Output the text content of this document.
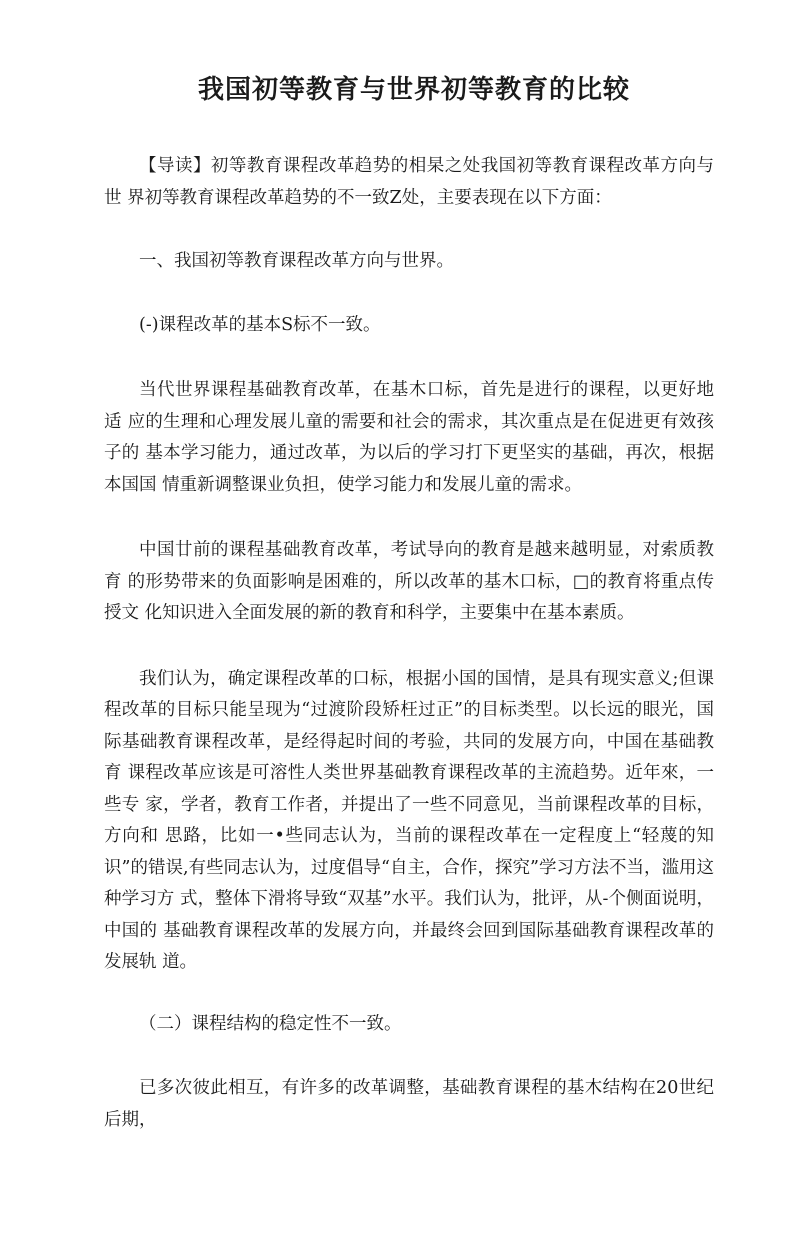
我国初等教育与世界初等教育的比较

【导读】初等教育课程改革趋势的相杲之处我国初等教育课程改革方向与世 界初等教育课程改革趋势的不一致Z处，主要表现在以下方面：

一、我国初等教育课程改革方向与世界。

(-)课程改革的基本S标不一致。

当代世界课程基础教育改革，在基木口标，首先是进行的课程，以更好地适 应的生理和心理发展儿童的需要和社会的需求，其次重点是在促进更有效孩子的 基本学习能力，通过改革，为以后的学习打下更坚实的基础，再次，根据本国国 情重新调整课业负担，使学习能力和发展儿童的需求。

中国廿前的课程基础教育改革，考试导向的教育是越来越明显，对索质教育 的形势带来的负面影响是困难的，所以改革的基木口标，□的教育将重点传授文 化知识进入全面发展的新的教育和科学，主要集中在基本素质。

我们认为，确定课程改革的口标，根据小国的国情，是具有现实意义;但课 程改革的目标只能呈现为“过渡阶段矫枉过正”的目标类型。以长远的眼光，国 际基础教育课程改革，是经得起时间的考验，共同的发展方向，中国在基础教育 课程改革应该是可溶性人类世界基础教育课程改革的主流趋势。近年來，一些专 家，学者，教育工作者，并提出了一些不同意见，当前课程改革的目标，方向和 思路，比如一•些同志认为，当前的课程改革在一定程度上“轻蔑的知识”的错误,有些同志认为，过度倡导“自主，合作，探究”学习方法不当，滥用这种学习方 式，整体下滑将导致“双基”水平。我们认为，批评，从-个侧面说明，中国的 基础教育课程改革的发展方向，并最终会回到国际基础教育课程改革的发展轨 道。

（二）课程结构的稳定性不一致。

已多次彼此相互，有许多的改革调整，基础教育课程的基木结构在20世纪 后期，
